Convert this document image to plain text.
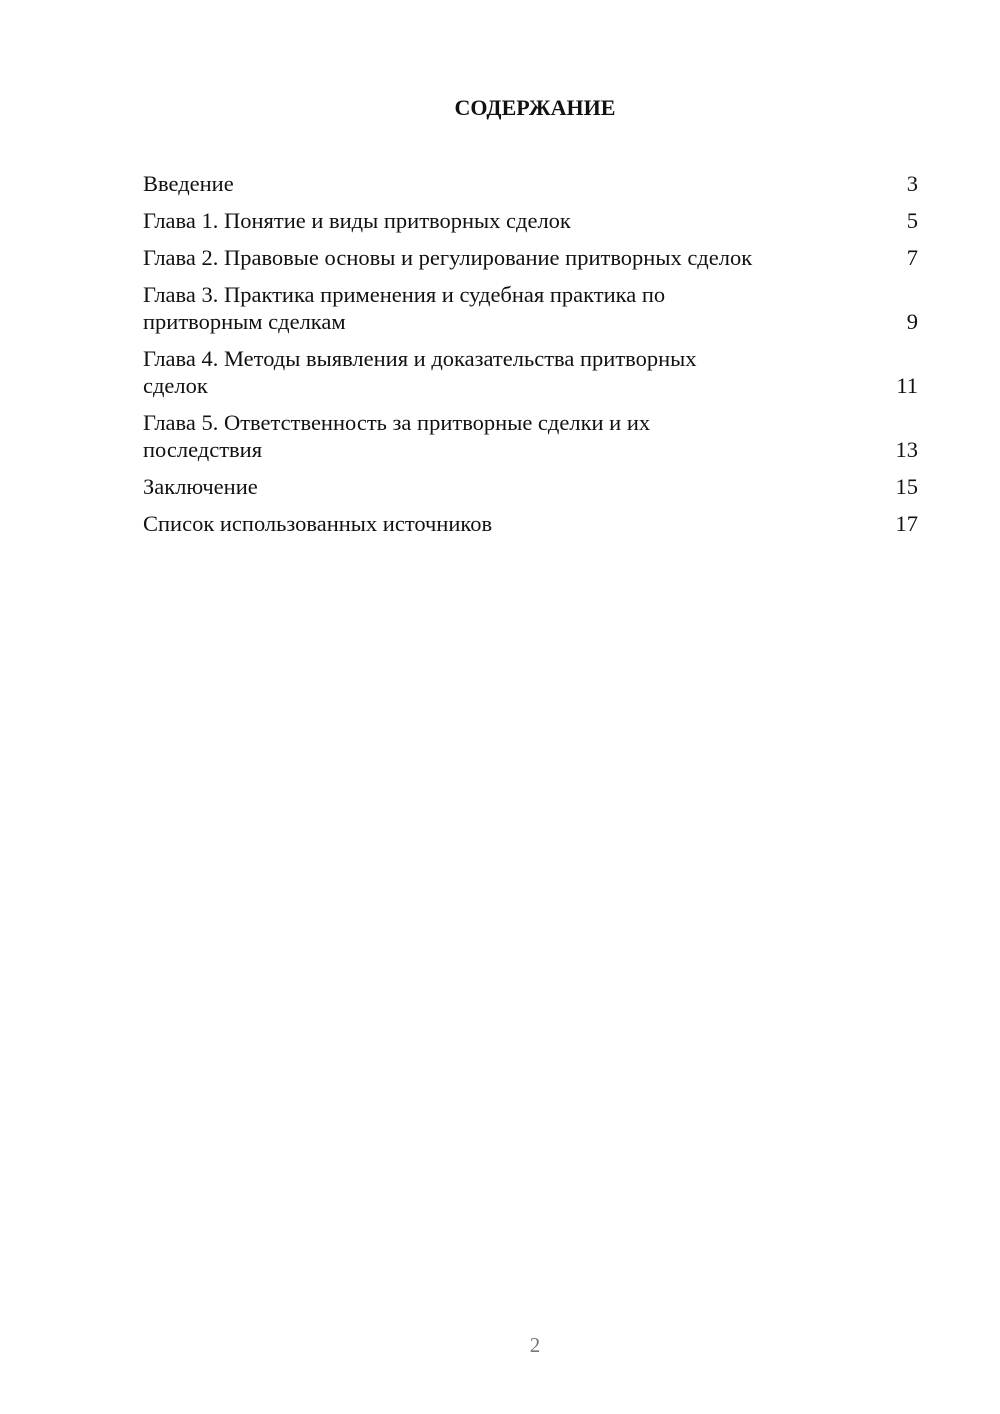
СОДЕРЖАНИЕ
Введение	3
Глава 1. Понятие и виды притворных сделок	5
Глава 2. Правовые основы и регулирование притворных сделок	7
Глава 3. Практика применения и судебная практика по
притворным сделкам	9
Глава 4. Методы выявления и доказательства притворных
сделок	11
Глава 5. Ответственность за притворные сделки и их
последствия	13
Заключение	15
Список использованных источников	17
2
